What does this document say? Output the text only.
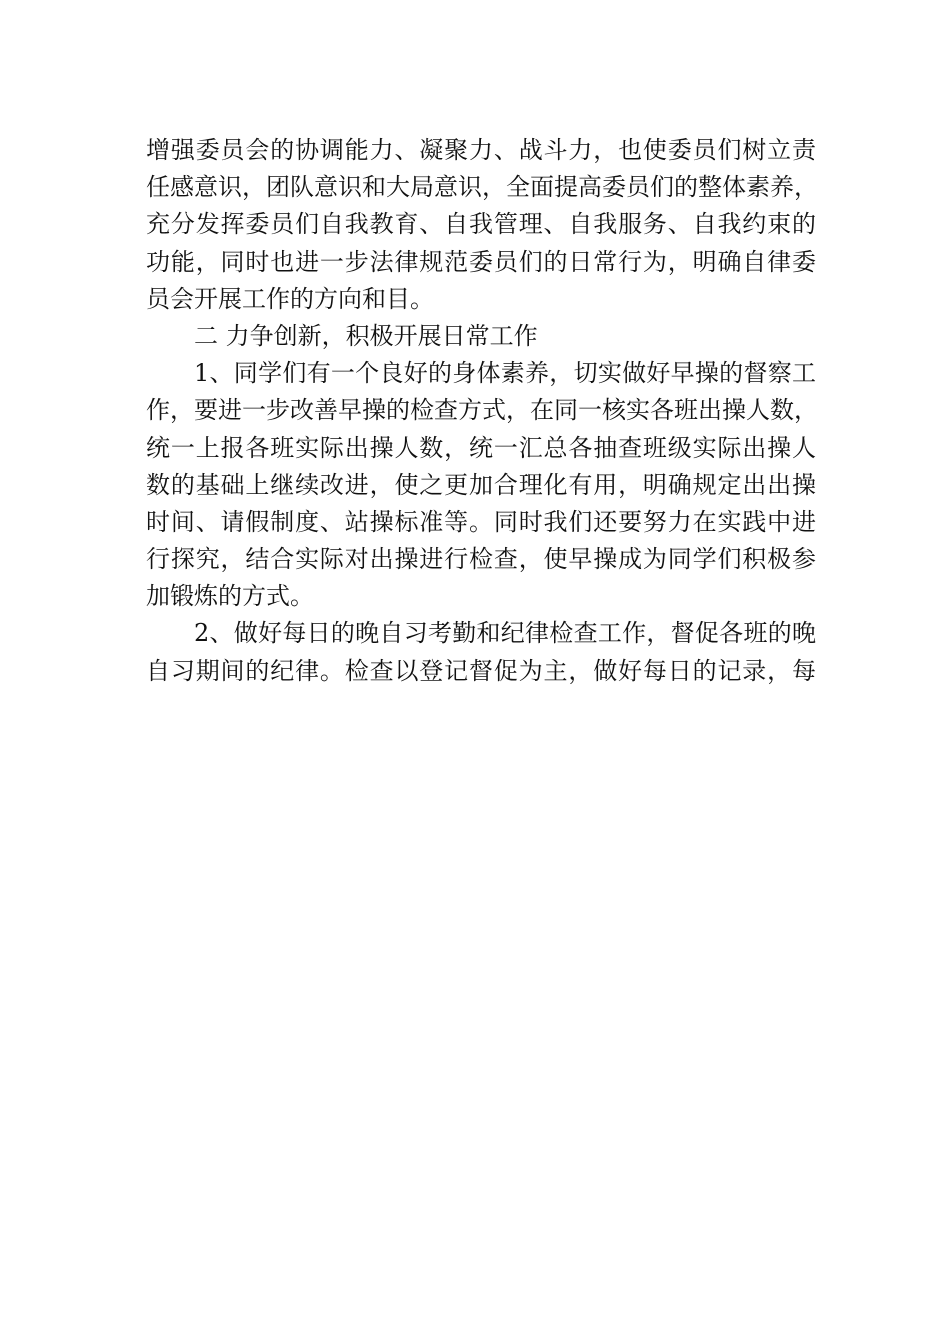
增强委员会的协调能力、凝聚力、战斗力，也使委员们树立责
任感意识，团队意识和大局意识，全面提高委员们的整体素养，
充分发挥委员们自我教育、自我管理、自我服务、自我约束的
功能，同时也进一步法律规范委员们的日常行为，明确自律委
员会开展工作的方向和目。
二 力争创新，积极开展日常工作
1、同学们有一个良好的身体素养，切实做好早操的督察工
作，要进一步改善早操的检查方式，在同一核实各班出操人数，
统一上报各班实际出操人数，统一汇总各抽查班级实际出操人
数的基础上继续改进，使之更加合理化有用，明确规定出出操
时间、请假制度、站操标准等。同时我们还要努力在实践中进
行探究，结合实际对出操进行检查，使早操成为同学们积极参
加锻炼的方式。
2、做好每日的晚自习考勤和纪律检查工作，督促各班的晚
自习期间的纪律。检查以登记督促为主，做好每日的记录，每
